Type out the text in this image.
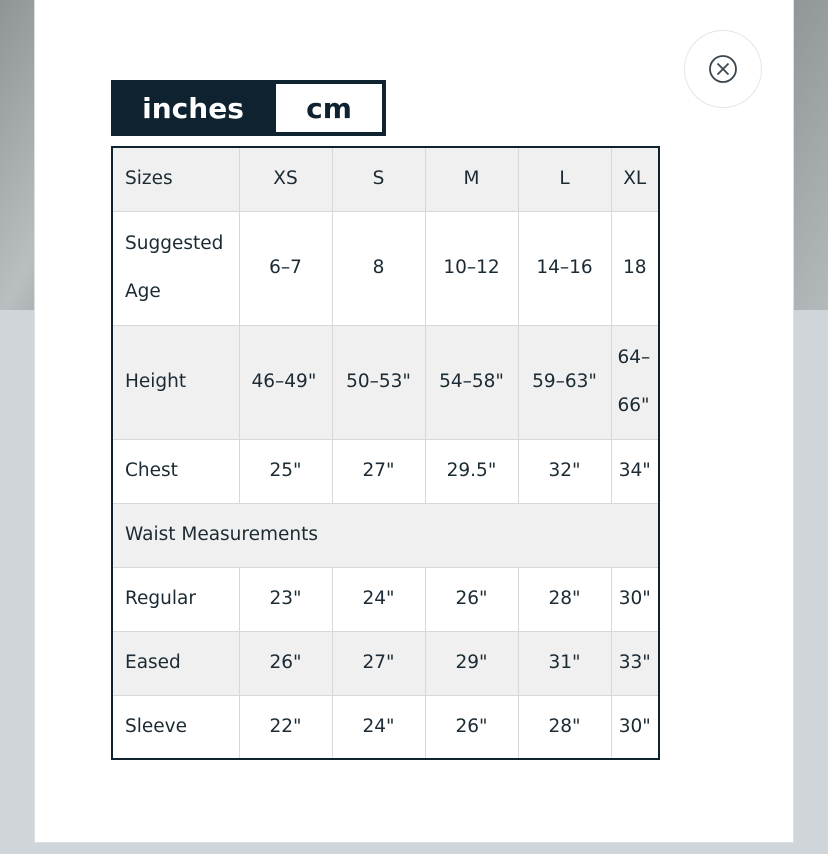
inches	cm
Sizes	XS	S	M	L	XL
Suggested Age	6–7	8	10–12	14–16	18
Height	46–49"	50–53"	54–58"	59–63"	64–66"
Chest	25"	27"	29.5"	32"	34"
Waist Measurements					
Regular	23"	24"	26"	28"	30"
Eased	26"	27"	29"	31"	33"
Sleeve	22"	24"	26"	28"	30"
